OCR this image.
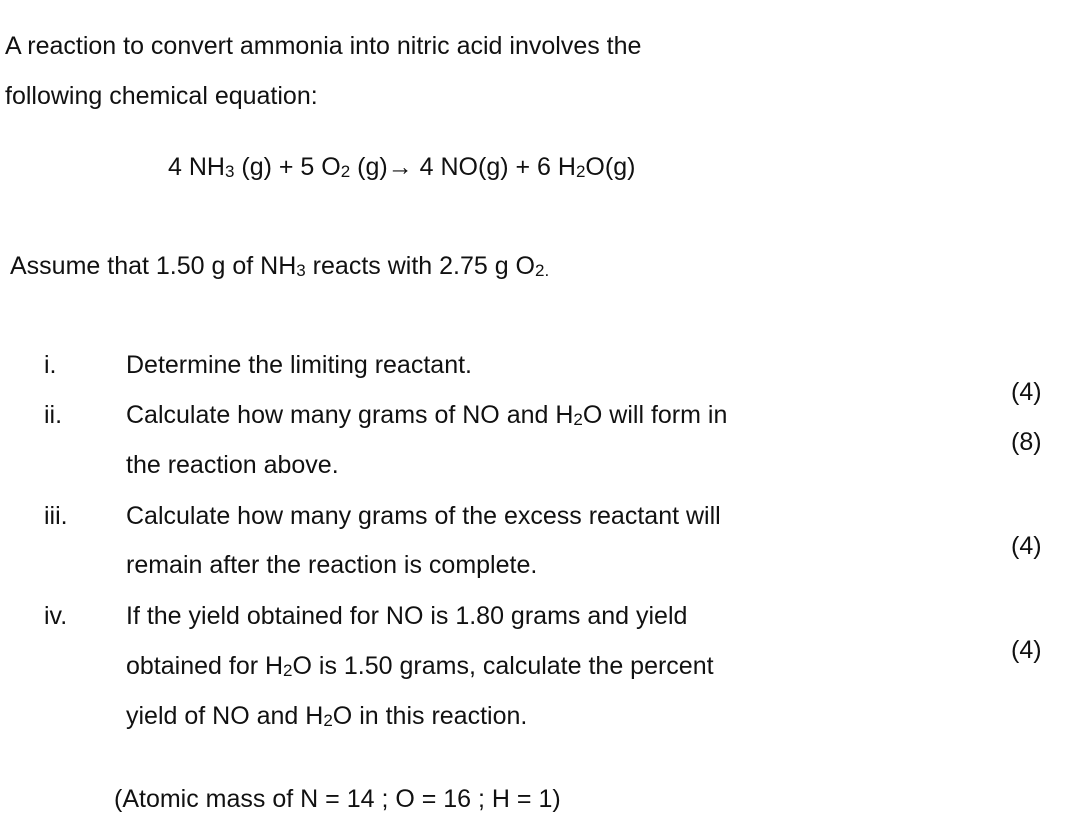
A reaction to convert ammonia into nitric acid involves the
following chemical equation:
4 NH3 (g) + 5 O2 (g)→ 4 NO(g) + 6 H2O(g)
Assume that 1.50 g of NH3 reacts with 2.75 g O2.
i.	Determine the limiting reactant.
(4)
ii.	Calculate how many grams of NO and H2O will form in
the reaction above.
(8)
iii. Calculate how many grams of the excess reactant will
remain after the reaction is complete.
(4)
iv. If the yield obtained for NO is 1.80 grams and yield
obtained for H2O is 1.50 grams, calculate the percent
yield of NO and H2O in this reaction.
(4)
(Atomic mass of N = 14 ; O = 16 ; H = 1)
